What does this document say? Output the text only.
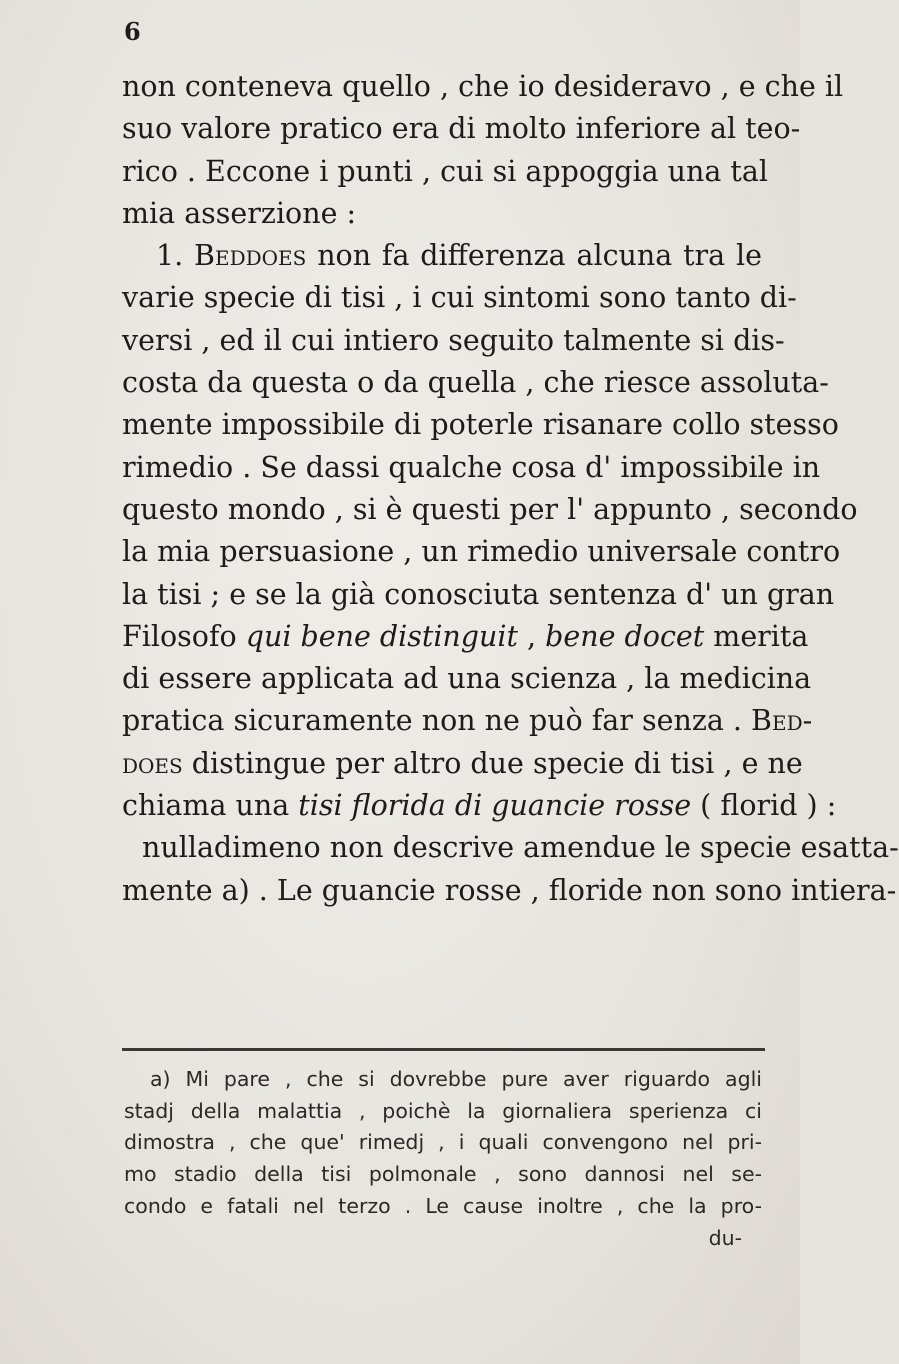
6
non conteneva quello , che io desideravo , e che il
suo valore pratico era di molto inferiore al teo-
rico . Eccone i punti , cui si appoggia una tal
mia asserzione :
1. Beddoes non fa differenza alcuna tra le
varie specie di tisi , i cui sintomi sono tanto di-
versi , ed il cui intiero seguito talmente si dis-
costa da questa o da quella , che riesce assoluta-
mente impossibile di poterle risanare collo stesso
rimedio . Se dassi qualche cosa d' impossibile in
questo mondo , si è questi per l' appunto , secondo
la mia persuasione , un rimedio universale contro
la tisi ; e se la già conosciuta sentenza d' un gran
Filosofo qui bene distinguit , bene docet merita
di essere applicata ad una scienza , la medicina
pratica sicuramente non ne può far senza . Bed-
does distingue per altro due specie di tisi , e ne
chiama una tisi florida di guancie rosse ( florid ) :
nulladimeno non descrive amendue le specie esatta-
mente a) . Le guancie rosse , floride non sono intiera-
a) Mi pare , che si dovrebbe pure aver riguardo agli
stadj della malattia , poichè la giornaliera sperienza ci
dimostra , che que' rimedj , i quali convengono nel pri-
mo stadio della tisi polmonale , sono dannosi nel se-
condo e fatali nel terzo . Le cause inoltre , che la pro-
du-
